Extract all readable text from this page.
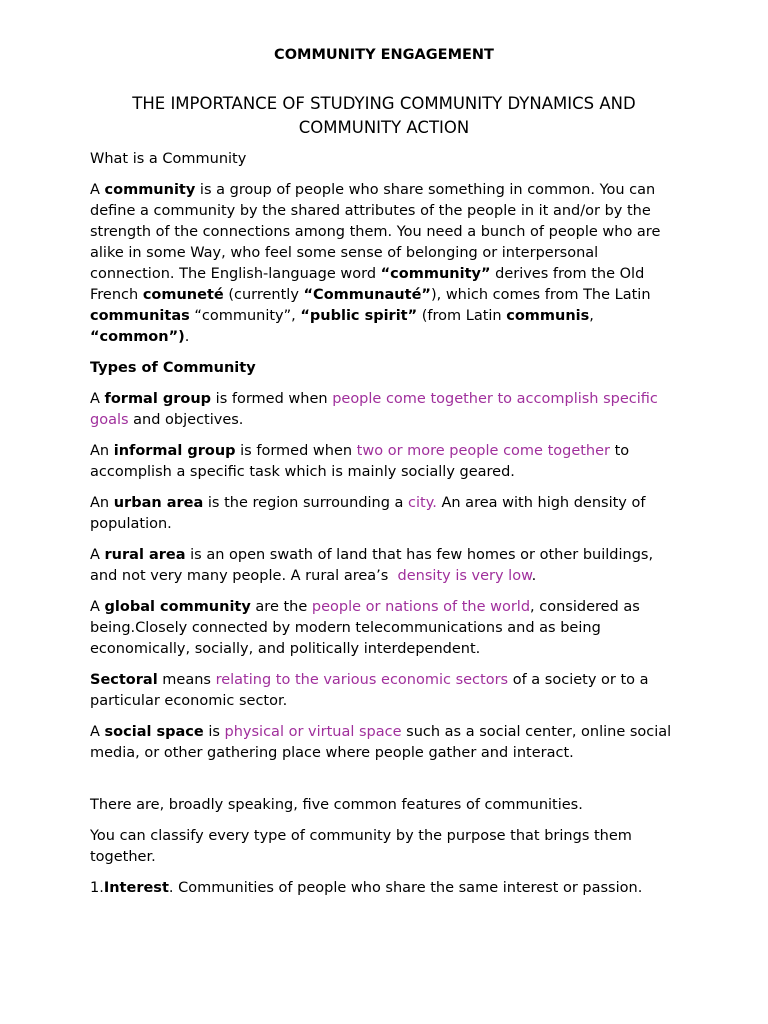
COMMUNITY ENGAGEMENT
THE IMPORTANCE OF STUDYING COMMUNITY DYNAMICS AND COMMUNITY ACTION

What is a Community

A community is a group of people who share something in common. You can define a community by the shared attributes of the people in it and/or by the strength of the connections among them. You need a bunch of people who are alike in some Way, who feel some sense of belonging or interpersonal connection. The English-language word “community” derives from the Old French comuneté (currently “Communauté”), which comes from The Latin communitas “community”, “public spirit” (from Latin communis, “common”).

Types of Community

A formal group is formed when people come together to accomplish specific goals and objectives.

An informal group is formed when two or more people come together to accomplish a specific task which is mainly socially geared.

An urban area is the region surrounding a city. An area with high density of population.

A rural area is an open swath of land that has few homes or other buildings, and not very many people. A rural area’s  density is very low.

A global community are the people or nations of the world, considered as being.Closely connected by modern telecommunications and as being economically, socially, and politically interdependent.

Sectoral means relating to the various economic sectors of a society or to a particular economic sector.

A social space is physical or virtual space such as a social center, online social media, or other gathering place where people gather and interact.

There are, broadly speaking, five common features of communities.

You can classify every type of community by the purpose that brings them together.

1.Interest. Communities of people who share the same interest or passion.
